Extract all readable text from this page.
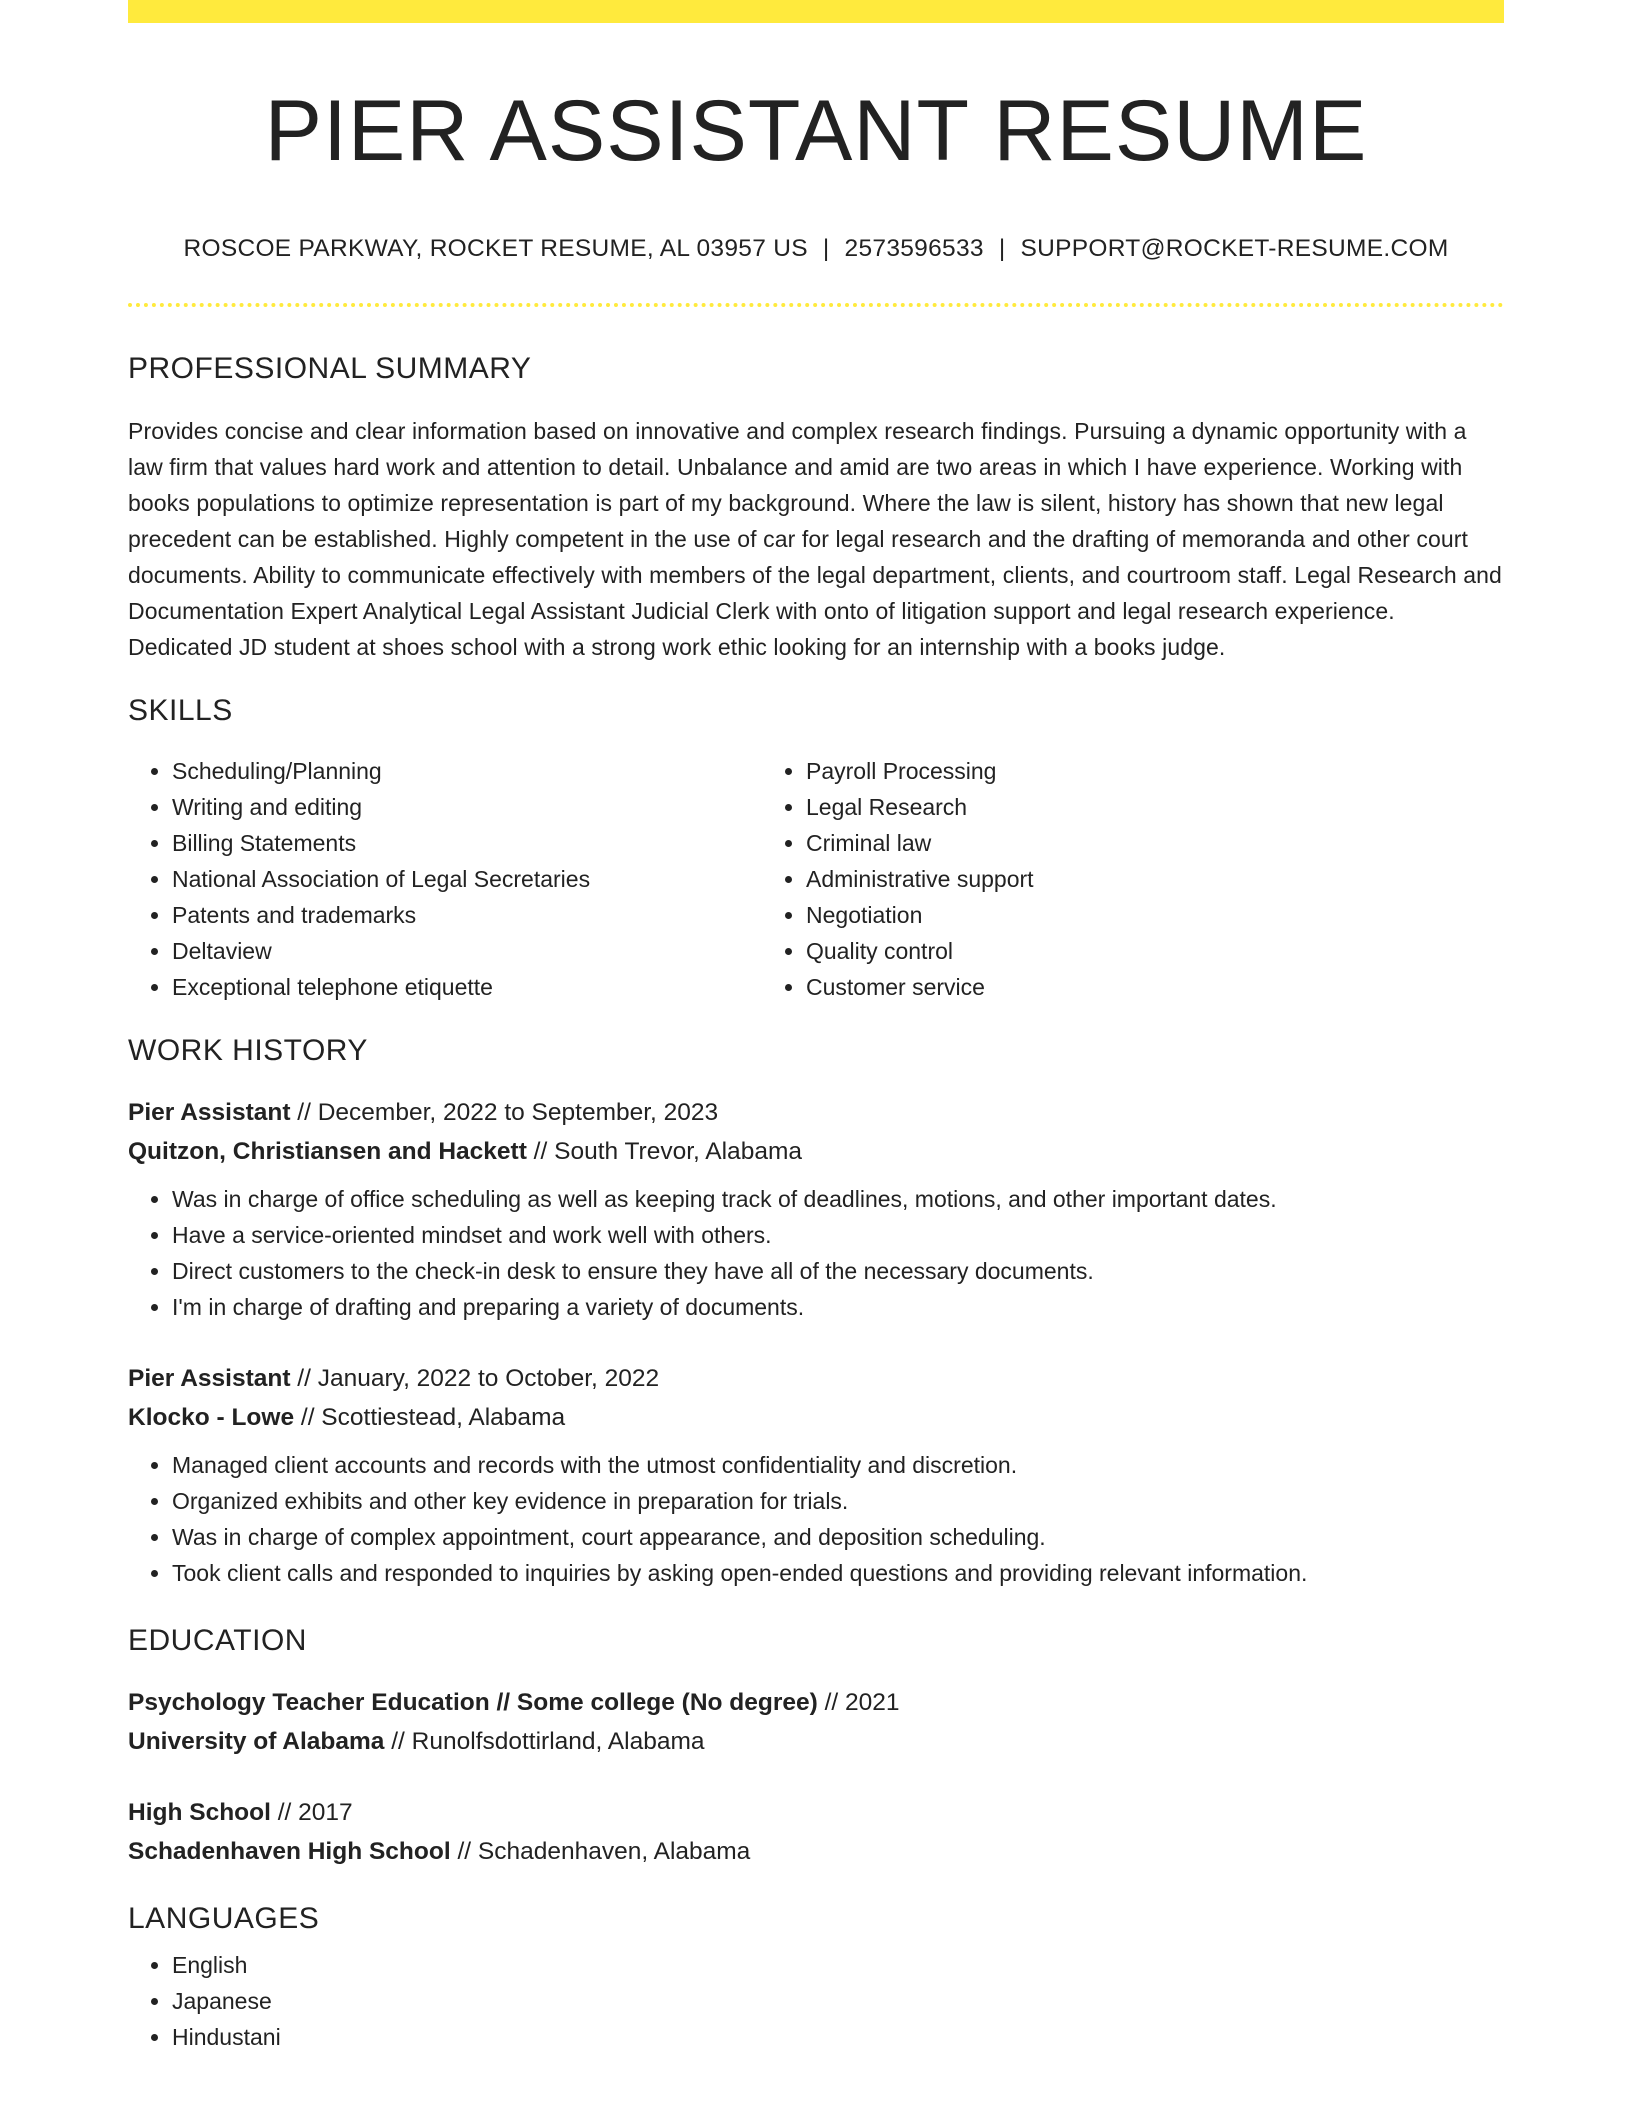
PIER ASSISTANT RESUME
ROSCOE PARKWAY, ROCKET RESUME, AL 03957 US | 2573596533 | SUPPORT@ROCKET-RESUME.COM
PROFESSIONAL SUMMARY
Provides concise and clear information based on innovative and complex research findings. Pursuing a dynamic opportunity with a law firm that values hard work and attention to detail. Unbalance and amid are two areas in which I have experience. Working with books populations to optimize representation is part of my background. Where the law is silent, history has shown that new legal precedent can be established. Highly competent in the use of car for legal research and the drafting of memoranda and other court documents. Ability to communicate effectively with members of the legal department, clients, and courtroom staff. Legal Research and Documentation Expert Analytical Legal Assistant Judicial Clerk with onto of litigation support and legal research experience. Dedicated JD student at shoes school with a strong work ethic looking for an internship with a books judge.
SKILLS
• Scheduling/Planning
• Writing and editing
• Billing Statements
• National Association of Legal Secretaries
• Patents and trademarks
• Deltaview
• Exceptional telephone etiquette
• Payroll Processing
• Legal Research
• Criminal law
• Administrative support
• Negotiation
• Quality control
• Customer service
WORK HISTORY
Pier Assistant // December, 2022 to September, 2023
Quitzon, Christiansen and Hackett // South Trevor, Alabama
• Was in charge of office scheduling as well as keeping track of deadlines, motions, and other important dates.
• Have a service-oriented mindset and work well with others.
• Direct customers to the check-in desk to ensure they have all of the necessary documents.
• I'm in charge of drafting and preparing a variety of documents.
Pier Assistant // January, 2022 to October, 2022
Klocko - Lowe // Scottiestead, Alabama
• Managed client accounts and records with the utmost confidentiality and discretion.
• Organized exhibits and other key evidence in preparation for trials.
• Was in charge of complex appointment, court appearance, and deposition scheduling.
• Took client calls and responded to inquiries by asking open-ended questions and providing relevant information.
EDUCATION
Psychology Teacher Education // Some college (No degree) // 2021
University of Alabama // Runolfsdottirland, Alabama
High School // 2017
Schadenhaven High School // Schadenhaven, Alabama
LANGUAGES
• English
• Japanese
• Hindustani
